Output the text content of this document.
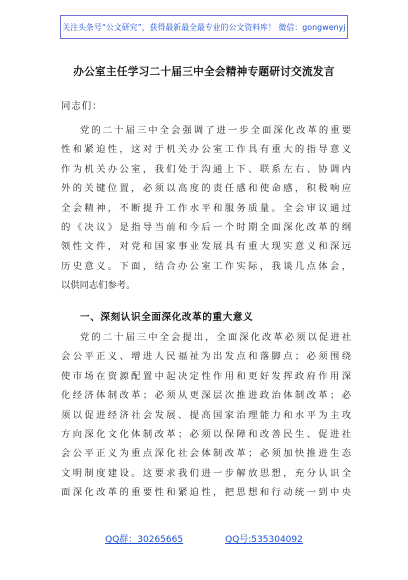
关注头条号“公文研究”，获得最新最全最专业的公文资料库！ 微信：gongwenyj
办公室主任学习二十届三中全会精神专题研讨交流发言
同志们：
党的二十届三中全会强调了进一步全面深化改革的重要
性和紧迫性，这对于机关办公室工作具有重大的指导意义
作为机关办公室，我们处于沟通上下、联系左右、协调内
外的关键位置，必须以高度的责任感和使命感，积极响应
全会精神，不断提升工作水平和服务质量。全会审议通过
的《决议》是指导当前和今后一个时期全面深化改革的纲
领性文件，对党和国家事业发展具有重大现实意义和深远
历史意义。下面，结合办公室工作实际，我谈几点体会，
以供同志们参考。
一、深刻认识全面深化改革的重大意义
党的二十届三中全会提出，全面深化改革必须以促进社
会公平正义、增进人民福祉为出发点和落脚点；必须围绕
使市场在资源配置中起决定性作用和更好发挥政府作用深
化经济体制改革；必须从更深层次推进政治体制改革；必
须以促进经济社会发展、提高国家治理能力和水平为主攻
方向深化文化体制改革；必须以保障和改善民生、促进社
会公平正义为重点深化社会体制改革；必须加快推进生态
文明制度建设。这要求我们进一步解放思想，充分认识全
面深化改革的重要性和紧迫性，把思想和行动统一到中央
QQ群：30265665	QQ号:535304092
